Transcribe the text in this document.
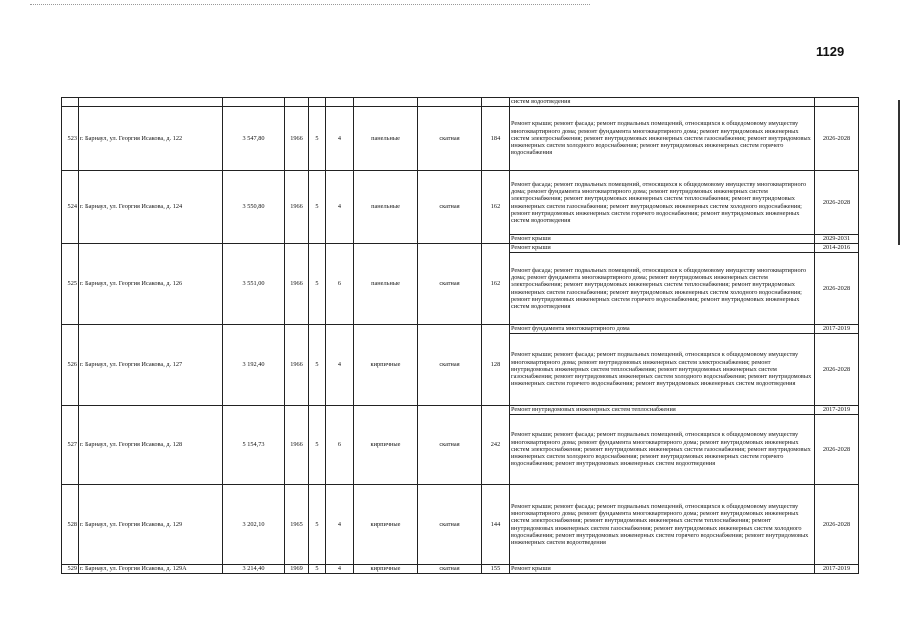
1129
									систем водоотведения	
523	г. Барнаул, ул. Георгия Исакова, д. 122	3 547,80	1966	5	4	панельные	скатная	184	Ремонт крыши; ремонт фасада; ремонт подвальных помещений, относящихся к общедомовому имуществу многоквартирного дома; ремонт фундамента многоквартирного дома; ремонт внутридомовых инженерных систем электроснабжения; ремонт внутридомовых инженерных систем газоснабжения; ремонт внутридомовых инженерных систем холодного водоснабжения; ремонт внутридомовых инженерных систем горячего водоснабжения	2026-2028
524	г. Барнаул, ул. Георгия Исакова, д. 124	3 550,80	1966	5	4	панельные	скатная	162	Ремонт фасада; ремонт подвальных помещений, относящихся к общедомовому имуществу многоквартирного дома; ремонт фундамента многоквартирного дома; ремонт внутридомовых инженерных систем электроснабжения; ремонт внутридомовых инженерных систем теплоснабжения; ремонт внутридомовых инженерных систем газоснабжения; ремонт внутридомовых инженерных систем холодного водоснабжения; ремонт внутридомовых инженерных систем горячего водоснабжения; ремонт внутридомовых инженерных систем водоотведения	2026-2028
									Ремонт крыши	2029-2031
525	г. Барнаул, ул. Георгия Исакова, д. 126	3 551,00	1966	5	6	панельные	скатная	162	Ремонт крыши	2014-2016
									Ремонт фасада; ремонт подвальных помещений, относящихся к общедомовому имуществу многоквартирного дома; ремонт фундамента многоквартирного дома; ремонт внутридомовых инженерных систем электроснабжения; ремонт внутридомовых инженерных систем теплоснабжения; ремонт внутридомовых инженерных систем газоснабжения; ремонт внутридомовых инженерных систем холодного водоснабжения; ремонт внутридомовых инженерных систем горячего водоснабжения; ремонт внутридомовых инженерных систем водоотведения	2026-2028
526	г. Барнаул, ул. Георгия Исакова, д. 127	3 192,40	1966	5	4	кирпичные	скатная	128	Ремонт фундамента многоквартирного дома	2017-2019
									Ремонт крыши; ремонт фасада; ремонт подвальных помещений, относящихся к общедомовому имуществу многоквартирного дома; ремонт внутридомовых инженерных систем электроснабжения; ремонт внутридомовых инженерных систем теплоснабжения; ремонт внутридомовых инженерных систем газоснабжения; ремонт внутридомовых инженерных систем холодного водоснабжения; ремонт внутридомовых инженерных систем горячего водоснабжения; ремонт внутридомовых инженерных систем водоотведения	2026-2028
527	г. Барнаул, ул. Георгия Исакова, д. 128	5 154,73	1966	5	6	кирпичные	скатная	242	Ремонт внутридомовых инженерных систем теплоснабжения	2017-2019
									Ремонт крыши; ремонт фасада; ремонт подвальных помещений, относящихся к общедомовому имуществу многоквартирного дома; ремонт фундамента многоквартирного дома; ремонт внутридомовых инженерных систем электроснабжения; ремонт внутридомовых инженерных систем газоснабжения; ремонт внутридомовых инженерных систем холодного водоснабжения; ремонт внутридомовых инженерных систем горячего водоснабжения; ремонт внутридомовых инженерных систем водоотведения	2026-2028
528	г. Барнаул, ул. Георгия Исакова, д. 129	3 202,10	1965	5	4	кирпичные	скатная	144	Ремонт крыши; ремонт фасада; ремонт подвальных помещений, относящихся к общедомовому имуществу многоквартирного дома; ремонт фундамента многоквартирного дома; ремонт внутридомовых инженерных систем электроснабжения; ремонт внутридомовых инженерных систем теплоснабжения; ремонт внутридомовых инженерных систем газоснабжения; ремонт внутридомовых инженерных систем холодного водоснабжения; ремонт внутридомовых инженерных систем горячего водоснабжения; ремонт внутридомовых инженерных систем водоотведения	2026-2028
529	г. Барнаул, ул. Георгия Исакова, д. 129А	3 214,40	1969	5	4	кирпичные	скатная	155	Ремонт крыши	2017-2019
